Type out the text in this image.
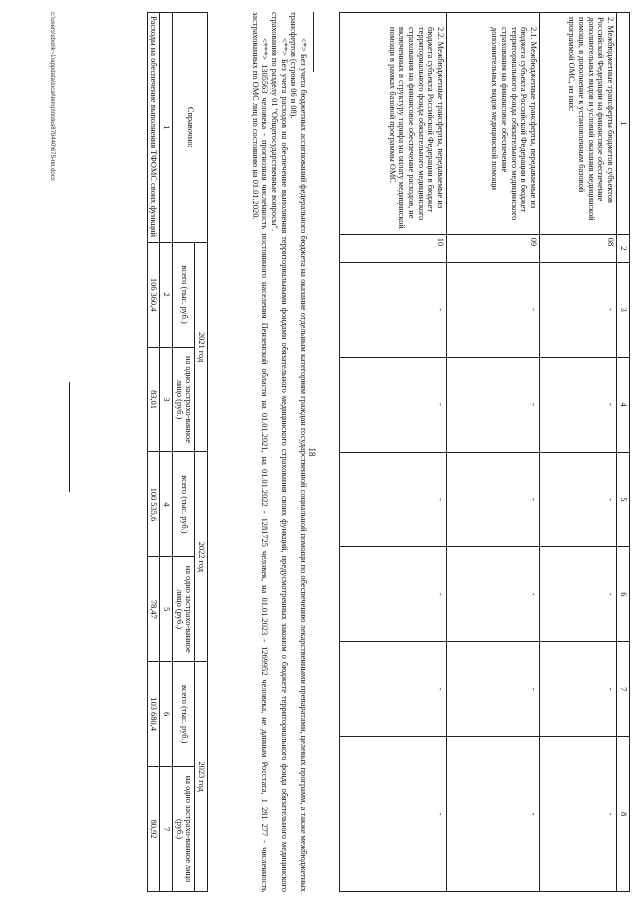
18
1	2	3	4	5	6	7	8
2. Межбюджетные трансферты бюджетов субъектов Российской Федерации на финансовое обеспечение дополнительных видов и условий оказания медицинской помощи, в дополнение к установленным базовой программой ОМС, из них:	08	-	-	-	-	-	-
2.1. Межбюджетные трансферты, передаваемые из бюджета субъекта Российской Федерации в бюджет территориального фонда обязательного медицинского страхования на финансовое обеспечение дополнительных видов медицинской помощи	09	-	-	-	-	-	-
2.2. Межбюджетные трансферты, передаваемые из бюджета субъекта Российской Федерации в бюджет территориального фонда обязательного медицинского страхования на финансовое обеспечение расходов, не включенных в структуру тарифа на оплату медицинской помощи в рамках базовой программы ОМС	10	-	-	-	-	-	-

<*> Без учета бюджетных ассигнований федерального бюджета на оказание отдельным категориям граждан государственной социальной помощи по обеспечению лекарственными препаратами, целевых программ, а также межбюджетных трансфертов (строки 06 и 08).

<**> Без учета расходов на обеспечение выполнения территориальными фондами обязательного медицинского страхования своих функций, предусмотренных законом о бюджете территориального фонда обязательного медицинского страхования по разделу 01 "Общегосударственные вопросы".

<***> 1305563 человека - прогнозная численность постоянного населения Пензенской области на 01.01.2021, на 01.01.2022 - 1281725 человек, на 01.01.2023 - 1269952 человека, не данным Росстата, 1 281 277 - численность застрахованных по ОМС лиц по состоянию на 01.01.2020.

Справочно:	2021 год		2022 год		2023 год	
	всего (тыс. руб.)	на одно застрахо-ванное лицо (руб.)	всего (тыс. руб.)	на одно застрахо-ванное лицо (руб.)	всего (тыс. руб.)	на одно застрахо-ванное лицо (руб.)
1	2	3	4	5	6	7
Расходы на обеспечение выполнения ТФОМС своих функций	106 360,4	83,01	100 535,6	78,47	103 680,4	80,92
c:\users\sborik~1\appdata\local\temp\notes879440\675-пп.docx
